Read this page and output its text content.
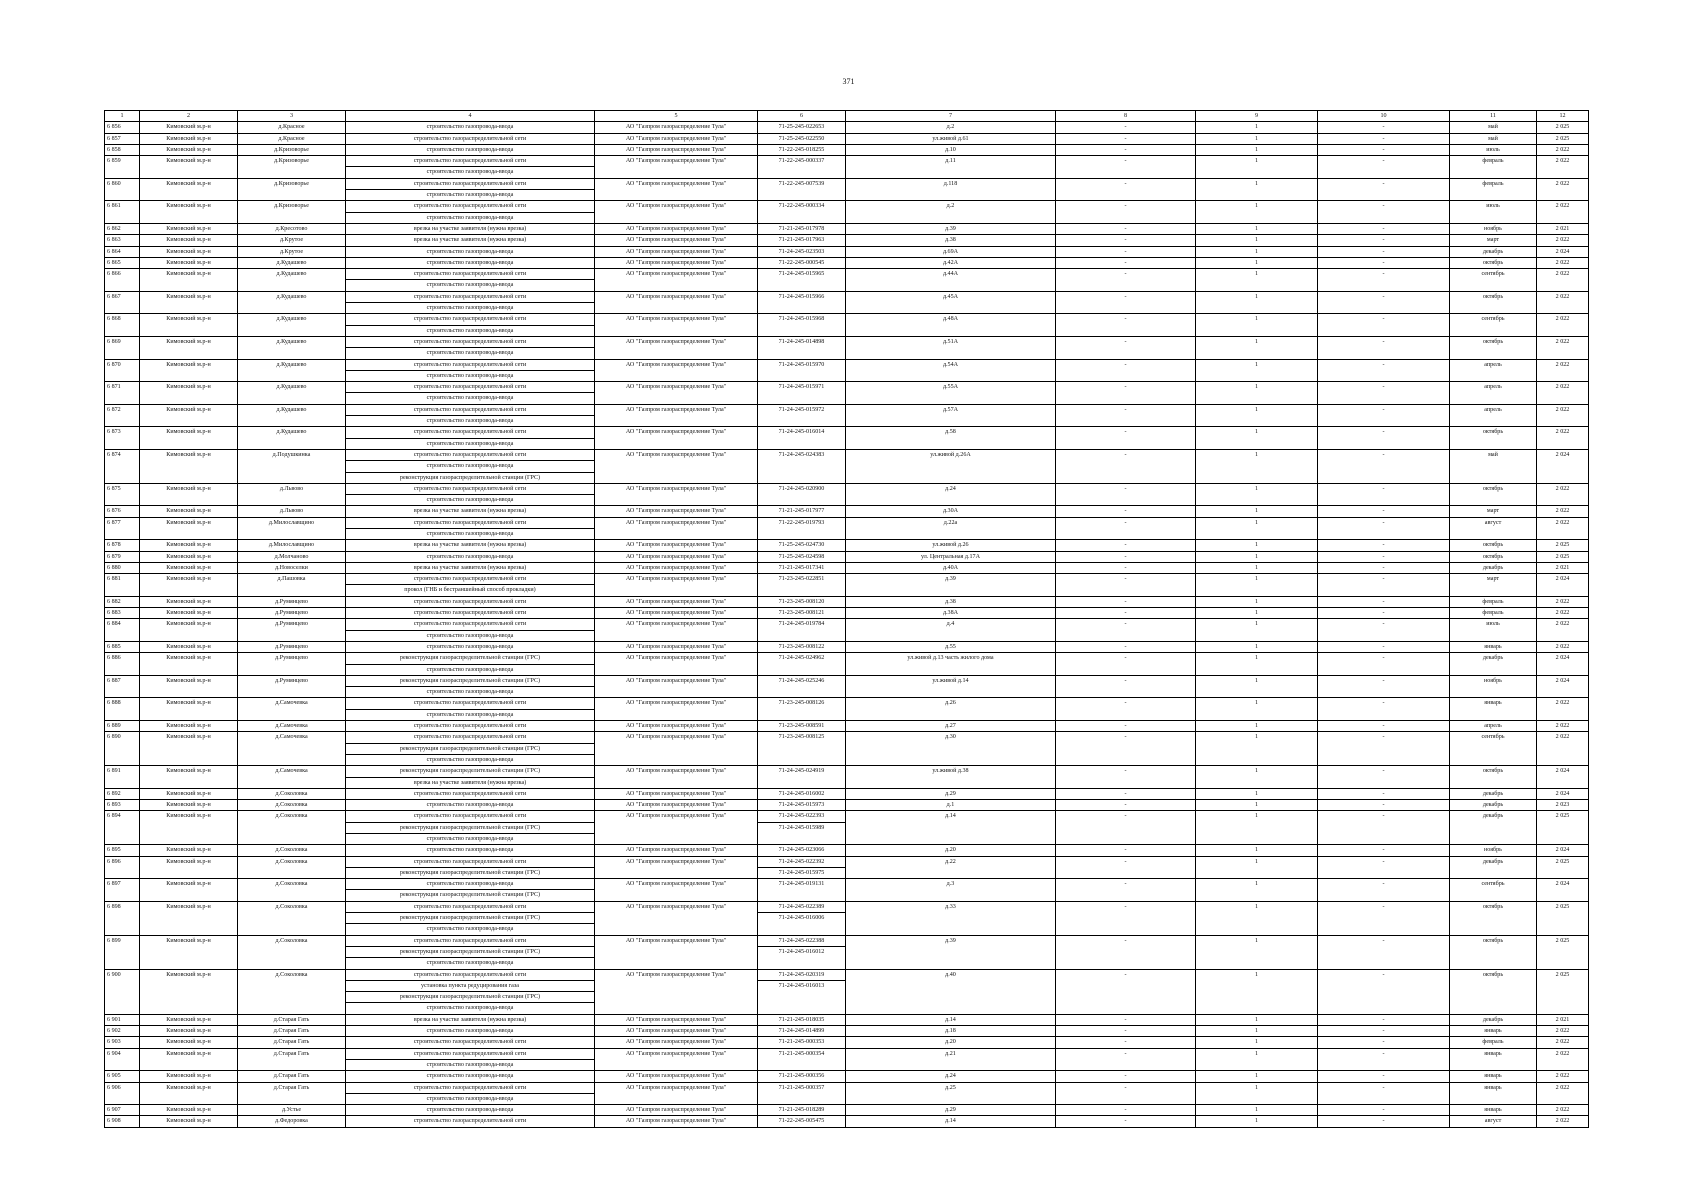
371
1	2	3	4	5	6	7	8	9	10	11	12
6 856	Кимовский м.р-н	д.Красное	строительство газопровода-ввода	АО "Газпром газораспределение Тула"	71-25-245-022653	д.2	-	1	-	май	2 025
6 857	Кимовский м.р-н	д.Красное	строительство газораспределительной сети	АО "Газпром газораспределение Тула"	71-25-245-022550	ул.живой д.61	-	1	-	май	2 025
6 858	Кимовский м.р-н	д.Кризоворье	строительство газопровода-ввода	АО "Газпром газораспределение Тула"	71-22-245-018255	д.10	-	1	-	июль	2 022
6 859	Кимовский м.р-н	д.Кризоворье	строительство газораспределительной сети
строительство газопровода-ввода	АО "Газпром газораспределение Тула"	71-22-245-000337	д.11	-	1	-	февраль	2 022
6 860	Кимовский м.р-н	д.Кризоворье	строительство газораспределительной сети
строительство газопровода-ввода	АО "Газпром газораспределение Тула"	71-22-245-007539	д.118	-	1	-	февраль	2 022
6 861	Кимовский м.р-н	д.Кризоворье	строительство газораспределительной сети
строительство газопровода-ввода	АО "Газпром газораспределение Тула"	71-22-245-000334	д.2	-	1	-	июль	2 022
6 862	Кимовский м.р-н	д.Кресотово	врезка на участке заявителя (нужна врезка)	АО "Газпром газораспределение Тула"	71-21-245-017978	д.39	-	1	-	ноябрь	2 021
6 863	Кимовский м.р-н	д.Крутое	врезка на участке заявителя (нужна врезка)	АО "Газпром газораспределение Тула"	71-21-245-017963	д.38	-	1	-	март	2 022
6 864	Кимовский м.р-н	д.Крутое	строительство газопровода-ввода	АО "Газпром газораспределение Тула"	71-24-245-023503	д.69А	-	1	-	декабрь	2 024
6 865	Кимовский м.р-н	д.Кудашево	строительство газопровода-ввода	АО "Газпром газораспределение Тула"	71-22-245-000545	д.42А	-	1	-	октябрь	2 022
6 866	Кимовский м.р-н	д.Кудашево	строительство газораспределительной сети
строительство газопровода-ввода	АО "Газпром газораспределение Тула"	71-24-245-015965	д.44А	-	1	-	сентябрь	2 022
6 867	Кимовский м.р-н	д.Кудашево	строительство газораспределительной сети
строительство газопровода-ввода	АО "Газпром газораспределение Тула"	71-24-245-015966	д.45А	-	1	-	октябрь	2 022
6 868	Кимовский м.р-н	д.Кудашево	строительство газораспределительной сети
строительство газопровода-ввода	АО "Газпром газораспределение Тула"	71-24-245-015968	д.48А	-	1	-	сентябрь	2 022
6 869	Кимовский м.р-н	д.Кудашево	строительство газораспределительной сети
строительство газопровода-ввода	АО "Газпром газораспределение Тула"	71-24-245-014898	д.51А	-	1	-	октябрь	2 022
6 870	Кимовский м.р-н	д.Кудашево	строительство газораспределительной сети
строительство газопровода-ввода	АО "Газпром газораспределение Тула"	71-24-245-015970	д.54А	-	1	-	апрель	2 022
6 871	Кимовский м.р-н	д.Кудашево	строительство газораспределительной сети
строительство газопровода-ввода	АО "Газпром газораспределение Тула"	71-24-245-015971	д.55А	-	1	-	апрель	2 022
6 872	Кимовский м.р-н	д.Кудашево	строительство газораспределительной сети
строительство газопровода-ввода	АО "Газпром газораспределение Тула"	71-24-245-015972	д.57А	-	1	-	апрель	2 022
6 873	Кимовский м.р-н	д.Кудашево	строительство газораспределительной сети
строительство газопровода-ввода	АО "Газпром газораспределение Тула"	71-24-245-016014	д.58	-	1	-	октябрь	2 022
6 874	Кимовский м.р-н	д.Подушкинка	строительство газораспределительной сети
строительство газопровода-ввода
реконструкция газораспределительной станции (ГРС)	АО "Газпром газораспределение Тула"	71-24-245-024383	ул.живой д.26А	-	1	-	май	2 024
6 875	Кимовский м.р-н	д.Львово	строительство газораспределительной сети
строительство газопровода-ввода	АО "Газпром газораспределение Тула"	71-24-245-020900	д.24	-	1	-	октябрь	2 022
6 876	Кимовский м.р-н	д.Львово	врезка на участке заявителя (нужна врезка)	АО "Газпром газораспределение Тула"	71-21-245-017977	д.30А	-	1	-	март	2 022
6 877	Кимовский м.р-н	д.Милославщино	строительство газораспределительной сети
строительство газопровода-ввода	АО "Газпром газораспределение Тула"	71-22-245-019793	д.22а	-	1	-	август	2 022
6 878	Кимовский м.р-н	д.Милославщино	врезка на участке заявителя (нужна врезка)	АО "Газпром газораспределение Тула"	71-25-245-024730	ул.живой д.26	-	1	-	октябрь	2 025
6 879	Кимовский м.р-н	д.Молчаново	строительство газопровода-ввода	АО "Газпром газораспределение Тула"	71-25-245-024598	ул. Центральная д.17А	-	1	-	октябрь	2 025
6 880	Кимовский м.р-н	д.Новоселки	врезка на участке заявителя (нужна врезка)	АО "Газпром газораспределение Тула"	71-21-245-017341	д.40А	-	1	-	декабрь	2 021
6 881	Кимовский м.р-н	д.Пашовка	строительство газораспределительной сети
прокол (ГНБ и бестраншейный способ прокладки)	АО "Газпром газораспределение Тула"	71-23-245-022851	д.39	-	1	-	март	2 024
6 882	Кимовский м.р-н	д.Румянцево	строительство газораспределительной сети	АО "Газпром газораспределение Тула"	71-23-245-008120	д.38	-	1	-	февраль	2 022
6 883	Кимовский м.р-н	д.Румянцево	строительство газораспределительной сети	АО "Газпром газораспределение Тула"	71-23-245-008121	д.38А	-	1	-	февраль	2 022
6 884	Кимовский м.р-н	д.Румянцево	строительство газораспределительной сети
строительство газопровода-ввода	АО "Газпром газораспределение Тула"	71-24-245-019784	д.4	-	1	-	июль	2 022
6 885	Кимовский м.р-н	д.Румянцево	строительство газопровода-ввода	АО "Газпром газораспределение Тула"	71-23-245-008122	д.55	-	1	-	январь	2 022
6 886	Кимовский м.р-н	д.Румянцево	реконструкция газораспределительной станции (ГРС)
строительство газопровода-ввода	АО "Газпром газораспределение Тула"	71-24-245-024962	ул.живой д.13 часть жилого дома	-	1	-	декабрь	2 024
6 887	Кимовский м.р-н	д.Румянцево	реконструкция газораспределительной станции (ГРС)
строительство газопровода-ввода	АО "Газпром газораспределение Тула"	71-24-245-025246	ул.живой д.14	-	1	-	ноябрь	2 024
6 888	Кимовский м.р-н	д.Самочевка	строительство газораспределительной сети
строительство газопровода-ввода	АО "Газпром газораспределение Тула"	71-23-245-008126	д.26	-	1	-	январь	2 022
6 889	Кимовский м.р-н	д.Самочевка	строительство газораспределительной сети	АО "Газпром газораспределение Тула"	71-23-245-008591	д.27	-	1	-	апрель	2 022
6 890	Кимовский м.р-н	д.Самочевка	строительство газораспределительной сети
реконструкция газораспределительной станции (ГРС)
строительство газопровода-ввода	АО "Газпром газораспределение Тула"	71-23-245-008125	д.30	-	1	-	сентябрь	2 022
6 891	Кимовский м.р-н	д.Самочевка	реконструкция газораспределительной станции (ГРС)
врезка на участке заявителя (нужна врезка)	АО "Газпром газораспределение Тула"	71-24-245-024919	ул.живой д.38	-	1	-	октябрь	2 024
6 892	Кимовский м.р-н	д.Соколовка	строительство газораспределительной сети	АО "Газпром газораспределение Тула"	71-24-245-016002	д.29	-	1	-	декабрь	2 024
6 893	Кимовский м.р-н	д.Соколовка	строительство газопровода-ввода	АО "Газпром газораспределение Тула"	71-24-245-015973	д.1	-	1	-	декабрь	2 023
6 894	Кимовский м.р-н	д.Соколовка	строительство газораспределительной сети
реконструкция газораспределительной станции (ГРС)
строительство газопровода-ввода	АО "Газпром газораспределение Тула"	71-24-245-022393
71-24-245-015989	д.14	-	1	-	декабрь	2 025
6 895	Кимовский м.р-н	д.Соколовка	строительство газопровода-ввода	АО "Газпром газораспределение Тула"	71-24-245-023066	д.20	-	1	-	ноябрь	2 024
6 896	Кимовский м.р-н	д.Соколовка	строительство газораспределительной сети
реконструкция газораспределительной станции (ГРС)	АО "Газпром газораспределение Тула"	71-24-245-022392
71-24-245-015975	д.22	-	1	-	декабрь	2 025
6 897	Кимовский м.р-н	д.Соколовка	строительство газопровода-ввода
реконструкция газораспределительной станции (ГРС)	АО "Газпром газораспределение Тула"	71-24-245-019131	д.3	-	1	-	сентябрь	2 024
6 898	Кимовский м.р-н	д.Соколовка	строительство газораспределительной сети
реконструкция газораспределительной станции (ГРС)
строительство газопровода-ввода	АО "Газпром газораспределение Тула"	71-24-245-022389
71-24-245-016006	д.33	-	1	-	октябрь	2 025
6 899	Кимовский м.р-н	д.Соколовка	строительство газораспределительной сети
реконструкция газораспределительной станции (ГРС)
строительство газопровода-ввода	АО "Газпром газораспределение Тула"	71-24-245-022388
71-24-245-016012	д.39	-	1	-	октябрь	2 025
6 900	Кимовский м.р-н	д.Соколовка	строительство газораспределительной сети
установка пункта редуцирования газа
реконструкция газораспределительной станции (ГРС)
строительство газопровода-ввода	АО "Газпром газораспределение Тула"	71-24-245-020319
71-24-245-016013	д.40	-	1	-	октябрь	2 025
6 901	Кимовский м.р-н	д.Старая Гать	врезка на участке заявителя (нужна врезка)	АО "Газпром газораспределение Тула"	71-21-245-018035	д.14	-	1	-	декабрь	2 021
6 902	Кимовский м.р-н	д.Старая Гать	строительство газопровода-ввода	АО "Газпром газораспределение Тула"	71-24-245-014899	д.18	-	1	-	январь	2 022
6 903	Кимовский м.р-н	д.Старая Гать	строительство газораспределительной сети	АО "Газпром газораспределение Тула"	71-21-245-000353	д.20	-	1	-	февраль	2 022
6 904	Кимовский м.р-н	д.Старая Гать	строительство газораспределительной сети
строительство газопровода-ввода	АО "Газпром газораспределение Тула"	71-21-245-000354	д.21	-	1	-	январь	2 022
6 905	Кимовский м.р-н	д.Старая Гать	строительство газопровода-ввода	АО "Газпром газораспределение Тула"	71-21-245-000356	д.24	-	1	-	январь	2 022
6 906	Кимовский м.р-н	д.Старая Гать	строительство газораспределительной сети
строительство газопровода-ввода	АО "Газпром газораспределение Тула"	71-21-245-000357	д.25	-	1	-	январь	2 022
6 907	Кимовский м.р-н	д.Устье	строительство газопровода-ввода	АО "Газпром газораспределение Тула"	71-21-245-018289	д.29	-	1	-	январь	2 022
6 908	Кимовский м.р-н	д.Федоровка	строительство газораспределительной сети	АО "Газпром газораспределение Тула"	71-22-245-005475	д.14	-	1	-	август	2 022
